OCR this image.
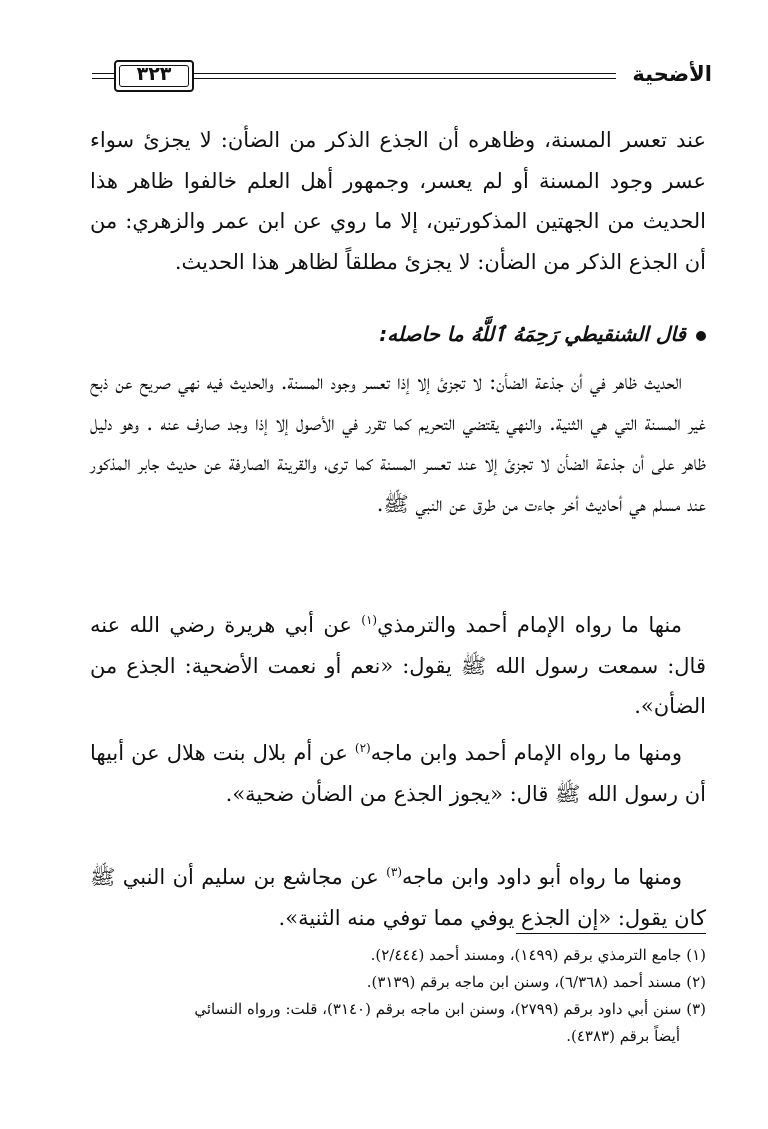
٣٢٣	الأضحية
عند تعسر المسنة، وظاهره أن الجذع الذكر من الضأن: لا يجزئ سواء عسر وجود المسنة أو لم يعسر، وجمهور أهل العلم خالفوا ظاهر هذا الحديث من الجهتين المذكورتين، إلا ما روي عن ابن عمر والزهري: من أن الجذع الذكر من الضأن: لا يجزئ مطلقاً لظاهر هذا الحديث.
قال الشنقيطي رَحِمَهُ ٱللَّهُ ما حاصله:
الحديث ظاهر في أن جذعة الضأن: لا تجزئ إلا إذا تعسر وجود المسنة. والحديث فيه نهي صريح عن ذبح غير المسنة التي هي الثنية. والنهي يقتضي التحريم كما تقرر في الأصول إلا إذا وجد صارف عنه . وهو دليل ظاهر على أن جذعة الضأن لا تجزئ إلا عند تعسر المسنة كما ترى، والقرينة الصارفة عن حديث جابر المذكور عند مسلم هي أحاديث أخر جاءت من طرق عن النبي ﷺ.
منها ما رواه الإمام أحمد والترمذي$^{(١)}$ عن أبي هريرة رضي الله عنه قال: سمعت رسول الله ﷺ يقول: «نعم أو نعمت الأضحية: الجذع من الضأن».
ومنها ما رواه الإمام أحمد وابن ماجه$^{(٢)}$ عن أم بلال بنت هلال عن أبيها أن رسول الله ﷺ قال: «يجوز الجذع من الضأن ضحية».
ومنها ما رواه أبو داود وابن ماجه$^{(٣)}$ عن مجاشع بن سليم أن النبي ﷺ كان يقول: «إن الجذع يوفي مما توفي منه الثنية».

(١) جامع الترمذي برقم (١٤٩٩)، ومسند أحمد (٢/٤٤٤).

(٢) مسند أحمد (٦/٣٦٨)، وسنن ابن ماجه برقم (٣١٣٩).

(٣) سنن أبي داود برقم (٢٧٩٩)، وسنن ابن ماجه برقم (٣١٤٠)، قلت: ورواه النسائي

أيضاً برقم (٤٣٨٣).
